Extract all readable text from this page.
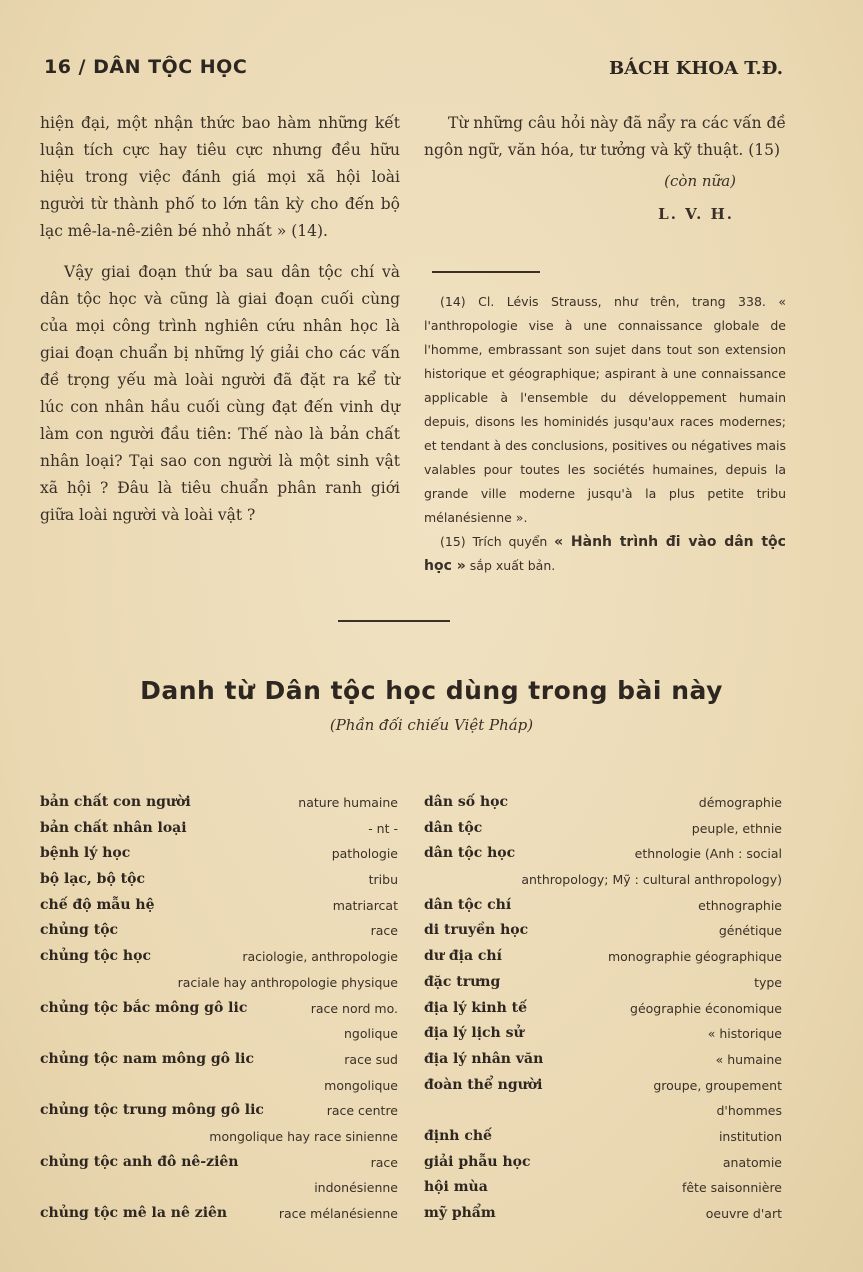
16 / DÂN TỘC HỌC	BÁCH KHOA T.Đ.

hiện đại, một nhận thức bao hàm những kết luận tích cực hay tiêu cực nhưng đều hữu hiệu trong việc đánh giá mọi xã hội loài người từ thành phố to lớn tân kỳ cho đến bộ lạc mê-la-nê-ziên bé nhỏ nhất » (14).

Vậy giai đoạn thứ ba sau dân tộc chí và dân tộc học và cũng là giai đoạn cuối cùng của mọi công trình nghiên cứu nhân học là giai đoạn chuẩn bị những lý giải cho các vấn đề trọng yếu mà loài người đã đặt ra kể từ lúc con nhân hầu cuối cùng đạt đến vinh dự làm con người đầu tiên: Thế nào là bản chất nhân loại? Tại sao con người là một sinh vật xã hội ? Đâu là tiêu chuẩn phân ranh giới giữa loài người và loài vật ?

Từ những câu hỏi này đã nẩy ra các vấn đề ngôn ngữ, văn hóa, tư tưởng và kỹ thuật. (15)

(còn nữa)
L. V. H.

(14) Cl. Lévis Strauss, như trên, trang 338. « l'anthropologie vise à une connaissance globale de l'homme, embrassant son sujet dans tout son extension historique et géographique; aspirant à une connaissance applicable à l'ensemble du développement humain depuis, disons les hominidés jusqu'aux races modernes; et tendant à des conclusions, positives ou négatives mais valables pour toutes les sociétés humaines, depuis la grande ville moderne jusqu'à la plus petite tribu mélanésienne ».

(15) Trích quyển « Hành trình đi vào dân tộc học » sắp xuất bản.

Danh từ Dân tộc học dùng trong bài này
(Phần đối chiếu Việt Pháp)
bản chất con người	nature humaine
bản chất nhân loại	- nt -
bệnh lý học	pathologie
bộ lạc, bộ tộc	tribu
chế độ mẫu hệ	matriarcat
chủng tộc	race
chủng tộc học	raciologie, anthropologie
raciale hay anthropologie physique
chủng tộc bắc mông gô lic	race nord mo.
ngolique
chủng tộc nam mông gô lic	race sud
mongolique
chủng tộc trung mông gô lic	race centre
mongolique hay race sinienne
chủng tộc anh đô nê-ziên	race
indonésienne
chủng tộc mê la nê ziên	race mélanésienne
dân số học	démographie
dân tộc	peuple, ethnie
dân tộc học	ethnologie (Anh : social
anthropology; Mỹ : cultural anthropology)
dân tộc chí	ethnographie
di truyền học	génétique
dư địa chí	monographie géographique
đặc trưng	type
địa lý kinh tế	géographie économique
địa lý lịch sử	« historique
địa lý nhân văn	« humaine
đoàn thể người	groupe, groupement
d'hommes
định chế	institution
giải phẫu học	anatomie
hội mùa	fête saisonnière
mỹ phẩm	oeuvre d'art
